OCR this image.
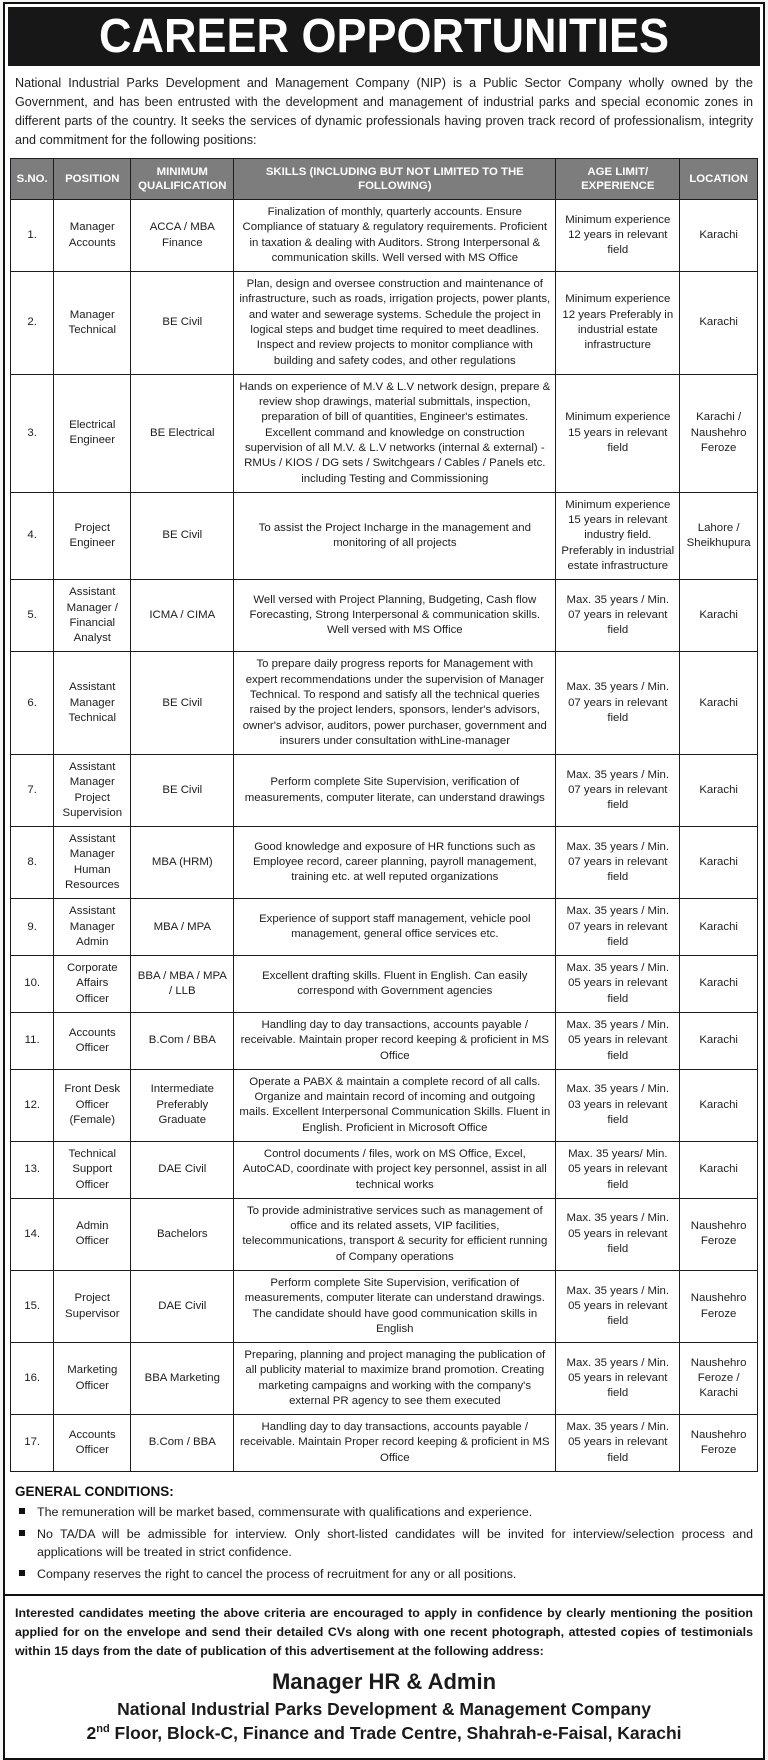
CAREER OPPORTUNITIES

National Industrial Parks Development and Management Company (NIP) is a Public Sector Company wholly owned by the Government, and has been entrusted with the development and management of industrial parks and special economic zones in different parts of the country. It seeks the services of dynamic professionals having proven track record of professionalism, integrity and commitment for the following positions:

S.NO.	POSITION	MINIMUM QUALIFICATION	SKILLS (INCLUDING BUT NOT LIMITED TO THE FOLLOWING)	AGE LIMIT/ EXPERIENCE	LOCATION
1.	Manager Accounts	ACCA / MBA Finance	Finalization of monthly, quarterly accounts. Ensure Compliance of statuary & regulatory requirements. Proficient in taxation & dealing with Auditors. Strong Interpersonal & communication skills. Well versed with MS Office	Minimum experience 12 years in relevant field	Karachi
2.	Manager Technical	BE Civil	Plan, design and oversee construction and maintenance of infrastructure, such as roads, irrigation projects, power plants, and water and sewerage systems. Schedule the project in logical steps and budget time required to meet deadlines. Inspect and review projects to monitor compliance with building and safety codes, and other regulations	Minimum experience 12 years Preferably in industrial estate infrastructure	Karachi
3.	Electrical Engineer	BE Electrical	Hands on experience of M.V & L.V network design, prepare & review shop drawings, material submittals, inspection, preparation of bill of quantities, Engineer's estimates. Excellent command and knowledge on construction supervision of all M.V. & L.V networks (internal & external) - RMUs / KIOS / DG sets / Switchgears / Cables / Panels etc. including Testing and Commissioning	Minimum experience 15 years in relevant field	Karachi / Naushehro Feroze
4.	Project Engineer	BE Civil	To assist the Project Incharge in the management and monitoring of all projects	Minimum experience 15 years in relevant industry field. Preferably in industrial estate infrastructure	Lahore / Sheikhupura
5.	Assistant Manager / Financial Analyst	ICMA / CIMA	Well versed with Project Planning, Budgeting, Cash flow Forecasting, Strong Interpersonal & communication skills. Well versed with MS Office	Max. 35 years / Min. 07 years in relevant field	Karachi
6.	Assistant Manager Technical	BE Civil	To prepare daily progress reports for Management with expert recommendations under the supervision of Manager Technical. To respond and satisfy all the technical queries raised by the project lenders, sponsors, lender's advisors, owner's advisor, auditors, power purchaser, government and insurers under consultation withLine-manager	Max. 35 years / Min. 07 years in relevant field	Karachi
7.	Assistant Manager Project Supervision	BE Civil	Perform complete Site Supervision, verification of measurements, computer literate, can understand drawings	Max. 35 years / Min. 07 years in relevant field	Karachi
8.	Assistant Manager Human Resources	MBA (HRM)	Good knowledge and exposure of HR functions such as Employee record, career planning, payroll management, training etc. at well reputed organizations	Max. 35 years / Min. 07 years in relevant field	Karachi
9.	Assistant Manager Admin	MBA / MPA	Experience of support staff management, vehicle pool management, general office services etc.	Max. 35 years / Min. 07 years in relevant field	Karachi
10.	Corporate Affairs Officer	BBA / MBA / MPA / LLB	Excellent drafting skills. Fluent in English. Can easily correspond with Government agencies	Max. 35 years / Min. 05 years in relevant field	Karachi
11.	Accounts Officer	B.Com / BBA	Handling day to day transactions, accounts payable / receivable. Maintain proper record keeping & proficient in MS Office	Max. 35 years / Min. 05 years in relevant field	Karachi
12.	Front Desk Officer (Female)	Intermediate Preferably Graduate	Operate a PABX & maintain a complete record of all calls. Organize and maintain record of incoming and outgoing mails. Excellent Interpersonal Communication Skills. Fluent in English. Proficient in Microsoft Office	Max. 35 years / Min. 03 years in relevant field	Karachi
13.	Technical Support Officer	DAE Civil	Control documents / files, work on MS Office, Excel, AutoCAD, coordinate with project key personnel, assist in all technical works	Max. 35 years/ Min. 05 years in relevant field	Karachi
14.	Admin Officer	Bachelors	To provide administrative services such as management of office and its related assets, VIP facilities, telecommunications, transport & security for efficient running of Company operations	Max. 35 years / Min. 05 years in relevant field	Naushehro Feroze
15.	Project Supervisor	DAE Civil	Perform complete Site Supervision, verification of measurements, computer literate can understand drawings. The candidate should have good communication skills in English	Max. 35 years / Min. 05 years in relevant field	Naushehro Feroze
16.	Marketing Officer	BBA Marketing	Preparing, planning and project managing the publication of all publicity material to maximize brand promotion. Creating marketing campaigns and working with the company's external PR agency to see them executed	Max. 35 years / Min. 05 years in relevant field	Naushehro Feroze / Karachi
17.	Accounts Officer	B.Com / BBA	Handling day to day transactions, accounts payable / receivable. Maintain Proper record keeping & proficient in MS Office	Max. 35 years / Min. 05 years in relevant field	Naushehro Feroze
GENERAL CONDITIONS:
The remuneration will be market based, commensurate with qualifications and experience.
No TA/DA will be admissible for interview. Only short-listed candidates will be invited for interview/selection process and applications will be treated in strict confidence.
Company reserves the right to cancel the process of recruitment for any or all positions.

Interested candidates meeting the above criteria are encouraged to apply in confidence by clearly mentioning the position applied for on the envelope and send their detailed CVs along with one recent photograph, attested copies of testimonials within 15 days from the date of publication of this advertisement at the following address:

Manager HR & Admin
National Industrial Parks Development & Management Company
2nd Floor, Block-C, Finance and Trade Centre, Shahrah-e-Faisal, Karachi
